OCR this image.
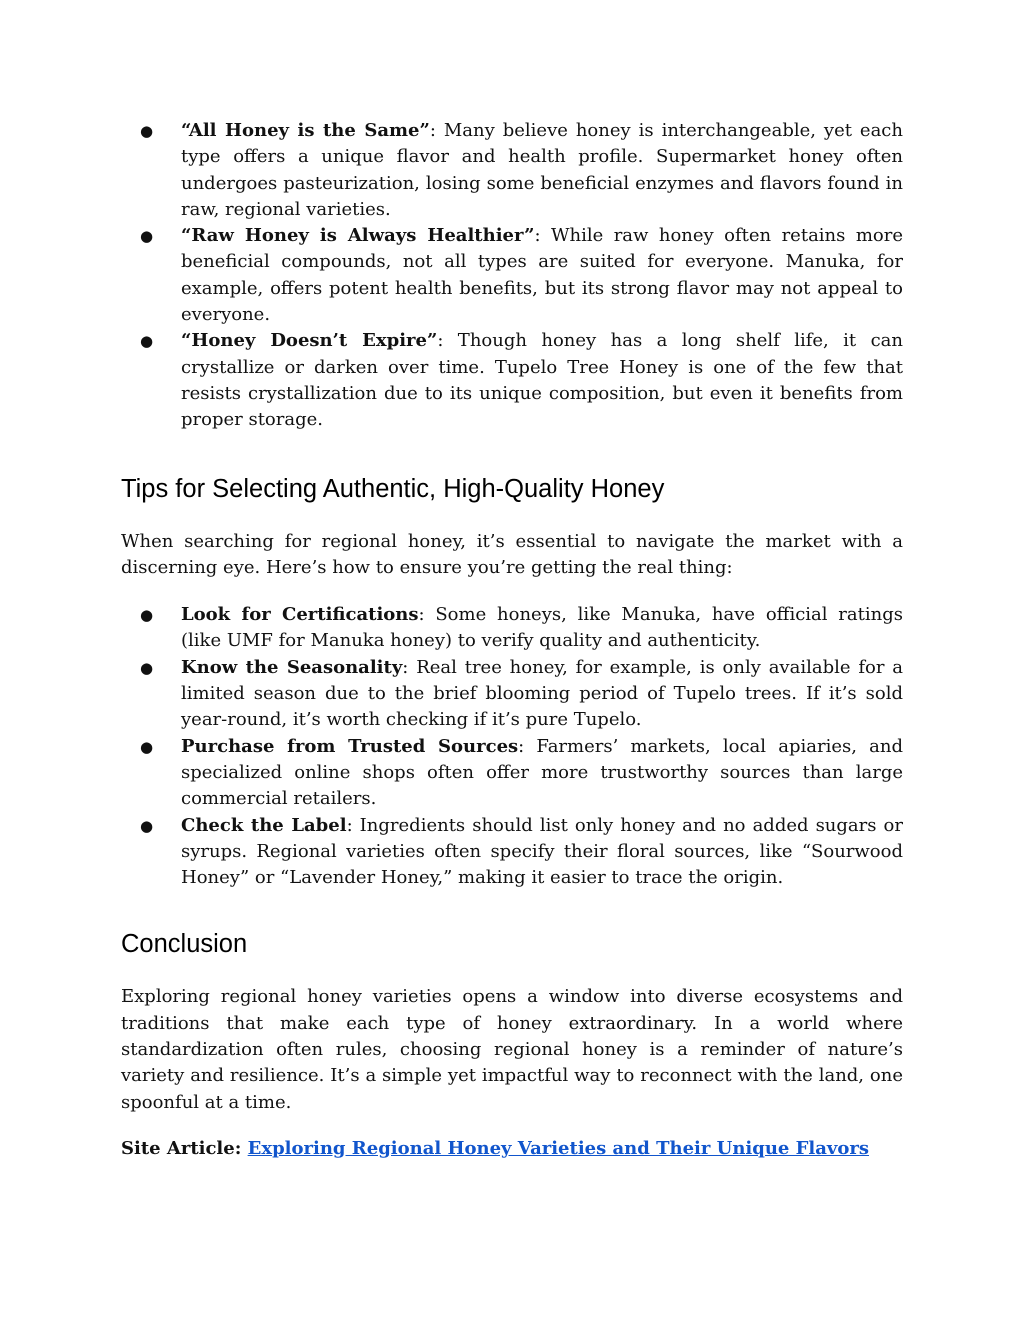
● “All Honey is the Same”: Many believe honey is interchangeable, yet each type offers a unique flavor and health profile. Supermarket honey often undergoes pasteurization, losing some beneficial enzymes and flavors found in raw, regional varieties.
● “Raw Honey is Always Healthier”: While raw honey often retains more beneficial compounds, not all types are suited for everyone. Manuka, for example, offers potent health benefits, but its strong flavor may not appeal to everyone.
● “Honey Doesn’t Expire”: Though honey has a long shelf life, it can crystallize or darken over time. Tupelo Tree Honey is one of the few that resists crystallization due to its unique composition, but even it benefits from proper storage.
Tips for Selecting Authentic, High-Quality Honey

When searching for regional honey, it’s essential to navigate the market with a discerning eye. Here’s how to ensure you’re getting the real thing:

● Look for Certifications: Some honeys, like Manuka, have official ratings (like UMF for Manuka honey) to verify quality and authenticity.
● Know the Seasonality: Real tree honey, for example, is only available for a limited season due to the brief blooming period of Tupelo trees. If it’s sold year-round, it’s worth checking if it’s pure Tupelo.
● Purchase from Trusted Sources: Farmers’ markets, local apiaries, and specialized online shops often offer more trustworthy sources than large commercial retailers.
● Check the Label: Ingredients should list only honey and no added sugars or syrups. Regional varieties often specify their floral sources, like “Sourwood Honey” or “Lavender Honey,” making it easier to trace the origin.
Conclusion

Exploring regional honey varieties opens a window into diverse ecosystems and traditions that make each type of honey extraordinary. In a world where standardization often rules, choosing regional honey is a reminder of nature’s variety and resilience. It’s a simple yet impactful way to reconnect with the land, one spoonful at a time.

Site Article: Exploring Regional Honey Varieties and Their Unique Flavors
